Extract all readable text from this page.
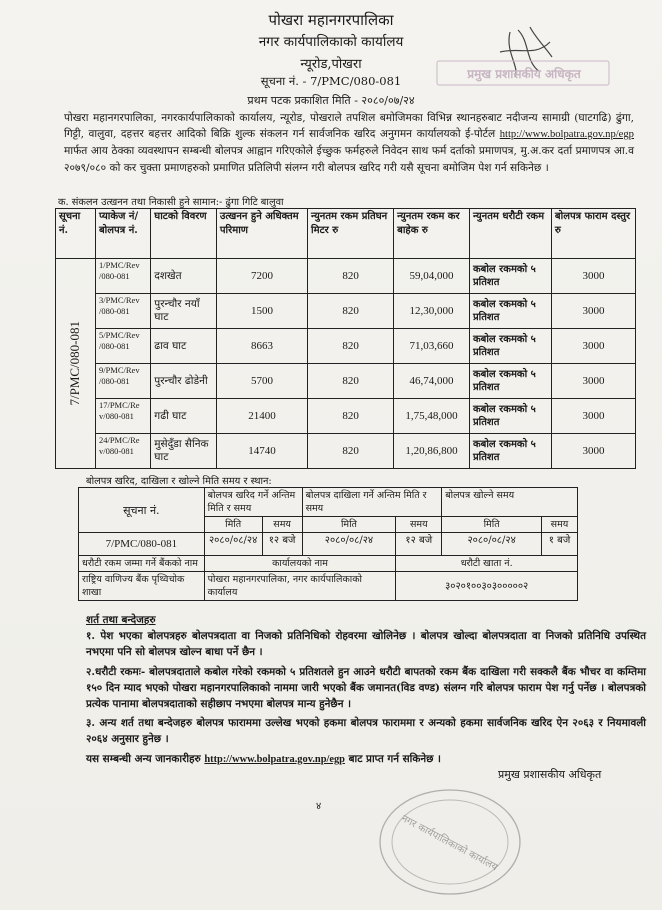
प्रमुख प्रशासकीय अधिकृत
पोखरा महानगरपालिका
नगर कार्यपालिकाको कार्यालय
न्यूरोड,पोखरा
सूचना नं. - 7/PMC/080-081
प्रथम पटक प्रकाशित मिति - २०८०/०७/२४
पोखरा महानगरपालिका, नगरकार्यपालिकाको कार्यालय, न्यूरोड, पोखराले तपशिल बमोजिमका विभिन्न स्थानहरुबाट नदीजन्य सामाग्री (घाटगढि) ढुंगा, गिट्टी, वालुवा, दहत्तर बहत्तर आदिको बिक्रि शुल्क संकलन गर्न सार्वजनिक खरिद अनुगमन कार्यालयको ई-पोर्टल http://www.bolpatra.gov.np/egp मार्फत आय ठेक्का व्यवस्थापन सम्बन्धी बोलपत्र आह्वान गरिएकोले ईच्छुक फर्महरुले निवेदन साथ फर्म दर्ताको प्रमाणपत्र, मु.अ.कर दर्ता प्रमाणपत्र आ.व २०७९/०८० को कर चुक्ता प्रमाणहरुको प्रमाणित प्रतिलिपी संलग्न गरी बोलपत्र खरिद गरी यसै सूचना बमोजिम पेश गर्न सकिनेछ ।
क. संकलन उत्खनन तथा निकासी हुने सामान:- ढुंगा गिटि बालुवा
सूचना नं.	प्याकेज नं/ बोलपत्र नं.	घाटको विवरण	उत्खनन हुने अधिक्तम परिमाण	न्युनतम रकम प्रतिघन मिटर रु	न्युनतम रकम कर बाहेक रु	न्युनतम धरौटी रकम	बोलपत्र फाराम दस्तुर रु
7/PMC/080-081	1/PMC/Rev /080-081	दशखेत	7200	820	59,04,000	कबोल रकमको ५ प्रतिशत	3000
	3/PMC/Rev /080-081	पुरन्चौर नयाँ घाट	1500	820	12,30,000	कबोल रकमको ५ प्रतिशत	3000
	5/PMC/Rev /080-081	ढाव घाट	8663	820	71,03,660	कबोल रकमको ५ प्रतिशत	3000
	9/PMC/Rev /080-081	पुरन्चौर ढोडेनी	5700	820	46,74,000	कबोल रकमको ५ प्रतिशत	3000
	17/PMC/Re v/080-081	गढी घाट	21400	820	1,75,48,000	कबोल रकमको ५ प्रतिशत	3000
	24/PMC/Re v/080-081	मुसेदुँडा सैनिक घाट	14740	820	1,20,86,800	कबोल रकमको ५ प्रतिशत	3000
बोलपत्र खरिद, दाखिला र खोल्ने मिति समय र स्थान:
सूचना नं.	बोलपत्र खरिद गर्ने अन्तिम मिति र समय		बोलपत्र दाखिला गर्ने अन्तिम मिति र समय		बोलपत्र खोल्ने समय	
	मिति	समय	मिति	समय	मिति	समय
7/PMC/080-081	२०८०/०८/२४	१२ बजे	२०८०/०८/२४	१२ बजे	२०८०/०८/२४	१ बजे
धरौटी रकम जम्मा गर्ने बैंकको नाम	कार्यालयको नाम			धरौटी खाता नं.		
राष्ट्रिय वाणिज्य बैंक पृथ्विचोक शाखा	पोखरा महानगरपालिका, नगर कार्यपालिकाको कार्यालय			३०२०१००३०३०००००२		
शर्त तथा बन्देजहरु

१. पेश भएका बोलपत्रहरु बोलपत्रदाता वा निजको प्रतिनिधिको रोहवरमा खोलिनेछ । बोलपत्र खोल्दा बोलपत्रदाता वा निजको प्रतिनिधि उपस्थित नभएमा पनि सो बोलपत्र खोल्न बाधा पर्ने छैन ।

२.धरौटी रकमः- बोलपत्रदाताले कबोल गरेको रकमको ५ प्रतिशतले हुन आउने धरौटी बापतको रकम बैंक दाखिला गरी सक्कलै बैंक भौचर वा कम्तिमा १५० दिन म्याद भएको पोखरा महानगरपालिकाको नाममा जारी भएको बैंक जमानत(विड वण्ड) संलग्न गरि बोलपत्र फाराम पेश गर्नु पर्नेछ । बोलपत्रको प्रत्येक पानामा बोलपत्रदाताको सहीछाप नभएमा बोलपत्र मान्य हुनेछैन ।

३. अन्य शर्त तथा बन्देजहरु बोलपत्र फाराममा उल्लेख भएको हकमा बोलपत्र फाराममा र अन्यको हकमा सार्वजनिक खरिद ऐन २०६३ र नियमावली २०६४ अनुसार हुनेछ ।

यस सम्बन्धी अन्य जानकारीहरु http://www.bolpatra.gov.np/egp बाट प्राप्त गर्न सकिनेछ ।

प्रमुख प्रशासकीय अधिकृत
४
नगर कार्यपालिकाको कार्यालय
